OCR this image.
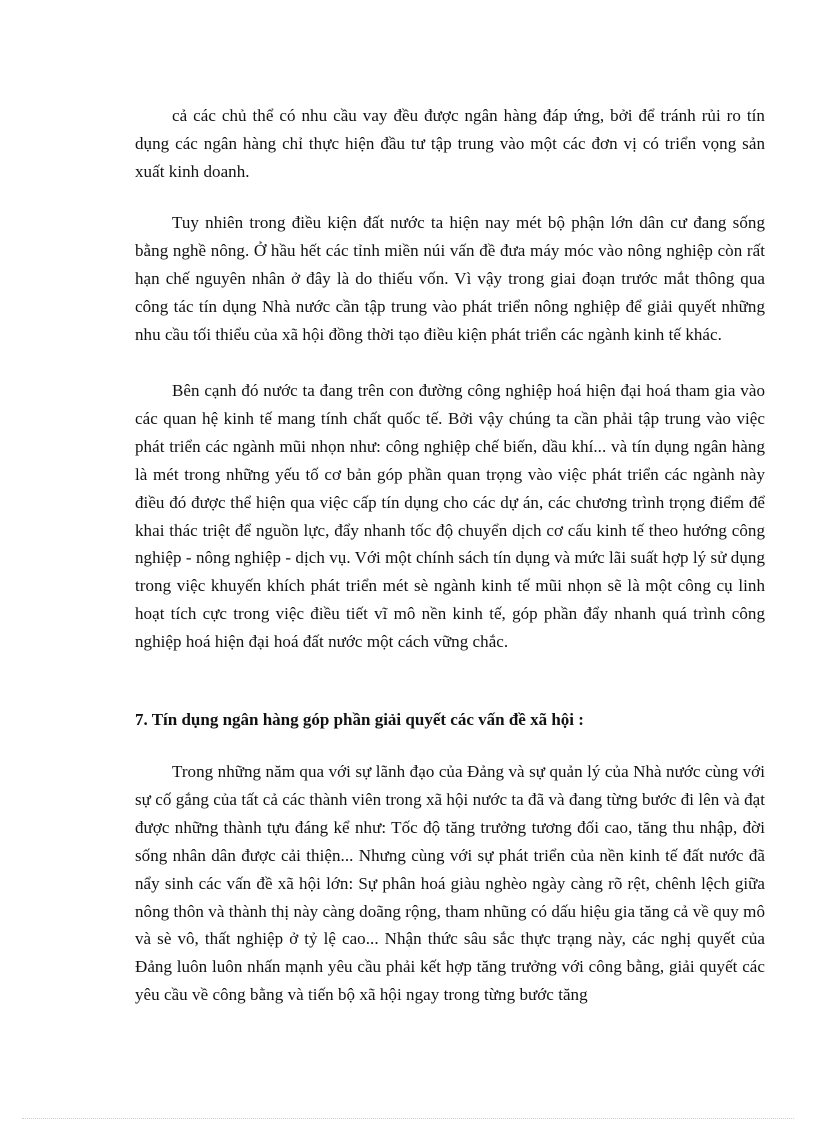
cả các chủ thể có nhu cầu vay đều được ngân hàng đáp ứng, bởi để tránh rủi ro tín dụng các ngân hàng chỉ thực hiện đầu tư tập trung vào một các đơn vị có triển vọng sản xuất kinh doanh.

Tuy nhiên trong điều kiện đất nước ta hiện nay mét bộ phận lớn dân cư đang sống bằng nghề nông. Ở hầu hết các tỉnh miền núi vấn đề đưa máy móc vào nông nghiệp còn rất hạn chế nguyên nhân ở đây là do thiếu vốn. Vì vậy trong giai đoạn trước mắt thông qua công tác tín dụng Nhà nước cần tập trung vào phát triển nông nghiệp để giải quyết những nhu cầu tối thiểu của xã hội đồng thời tạo điều kiện phát triển các ngành kinh tế khác.

Bên cạnh đó nước ta đang trên con đường công nghiệp hoá hiện đại hoá tham gia vào các quan hệ kinh tế mang tính chất quốc tế. Bởi vậy chúng ta cần phải tập trung vào việc phát triển các ngành mũi nhọn như: công nghiệp chế biến, dầu khí... và tín dụng ngân hàng là mét trong những yếu tố cơ bản góp phần quan trọng vào việc phát triển các ngành này điều đó được thể hiện qua việc cấp tín dụng cho các dự án, các chương trình trọng điểm để khai thác triệt để nguồn lực, đẩy nhanh tốc độ chuyển dịch cơ cấu kinh tế theo hướng công nghiệp - nông nghiệp - dịch vụ. Với một chính sách tín dụng và mức lãi suất hợp lý sử dụng trong việc khuyến khích phát triển mét sè ngành kinh tế mũi nhọn sẽ là một công cụ linh hoạt tích cực trong việc điều tiết vĩ mô nền kinh tế, góp phần đẩy nhanh quá trình công nghiệp hoá hiện đại hoá đất nước một cách vững chắc.

7. Tín dụng ngân hàng góp phần giải quyết các vấn đề xã hội :

Trong những năm qua với sự lãnh đạo của Đảng và sự quản lý của Nhà nước cùng với sự cố gắng của tất cả các thành viên trong xã hội nước ta đã và đang từng bước đi lên và đạt được những thành tựu đáng kể như: Tốc độ tăng trưởng tương đối cao, tăng thu nhập, đời sống nhân dân được cải thiện... Nhưng cùng với sự phát triển của nền kinh tế đất nước đã nẩy sinh các vấn đề xã hội lớn: Sự phân hoá giàu nghèo ngày càng rõ rệt, chênh lệch giữa nông thôn và thành thị này càng doãng rộng, tham nhũng có dấu hiệu gia tăng cả về quy mô và sè vô, thất nghiệp ở tỷ lệ cao... Nhận thức sâu sắc thực trạng này, các nghị quyết của Đảng luôn luôn nhấn mạnh yêu cầu phải kết hợp tăng trưởng với công bằng, giải quyết các yêu cầu về công bằng và tiến bộ xã hội ngay trong từng bước tăng
